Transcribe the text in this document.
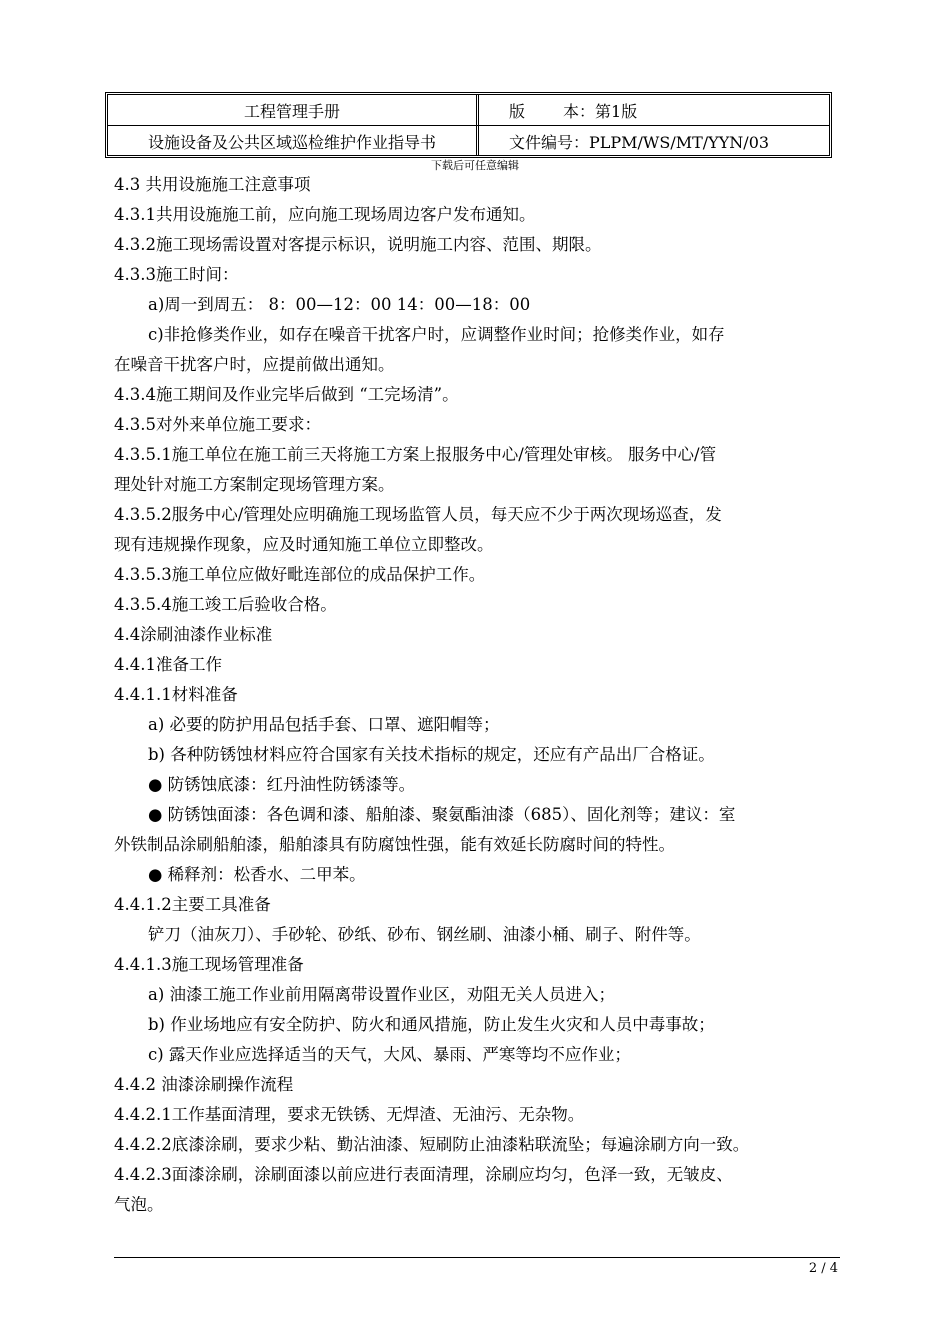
工程管理手册	版 本：第1版
设施设备及公共区域巡检维护作业指导书	文件编号：PLPM/WS/MT/YYN/03
下载后可任意编辑
4.3 共用设施施工注意事项
4.3.1共用设施施工前，应向施工现场周边客户发布通知。
4.3.2施工现场需设置对客提示标识，说明施工内容、范围、期限。
4.3.3施工时间：
a)周一到周五： 8：00—12：00 14：00—18：00
c)非抢修类作业，如存在噪音干扰客户时，应调整作业时间；抢修类作业，如存
在噪音干扰客户时，应提前做出通知。
4.3.4施工期间及作业完毕后做到 “工完场清”。
4.3.5对外来单位施工要求：
4.3.5.1施工单位在施工前三天将施工方案上报服务中心/管理处审核。 服务中心/管
理处针对施工方案制定现场管理方案。
4.3.5.2服务中心/管理处应明确施工现场监管人员，每天应不少于两次现场巡查，发
现有违规操作现象，应及时通知施工单位立即整改。
4.3.5.3施工单位应做好毗连部位的成品保护工作。
4.3.5.4施工竣工后验收合格。
4.4涂刷油漆作业标准
4.4.1准备工作
4.4.1.1材料准备
a) 必要的防护用品包括手套、口罩、遮阳帽等；
b) 各种防锈蚀材料应符合国家有关技术指标的规定，还应有产品出厂合格证。
● 防锈蚀底漆：红丹油性防锈漆等。
● 防锈蚀面漆：各色调和漆、船舶漆、聚氨酯油漆（685）、固化剂等；建议：室
外铁制品涂刷船舶漆，船舶漆具有防腐蚀性强，能有效延长防腐时间的特性。
● 稀释剂：松香水、二甲苯。
4.4.1.2主要工具准备
铲刀（油灰刀）、手砂轮、砂纸、砂布、钢丝刷、油漆小桶、刷子、附件等。
4.4.1.3施工现场管理准备
a) 油漆工施工作业前用隔离带设置作业区，劝阻无关人员进入；
b) 作业场地应有安全防护、防火和通风措施，防止发生火灾和人员中毒事故；
c) 露天作业应选择适当的天气，大风、暴雨、严寒等均不应作业；
4.4.2 油漆涂刷操作流程
4.4.2.1工作基面清理，要求无铁锈、无焊渣、无油污、无杂物。
4.4.2.2底漆涂刷，要求少粘、勤沾油漆、短刷防止油漆粘联流坠；每遍涂刷方向一致。
4.4.2.3面漆涂刷，涂刷面漆以前应进行表面清理，涂刷应均匀，色泽一致，无皱皮、
气泡。
2 / 4
